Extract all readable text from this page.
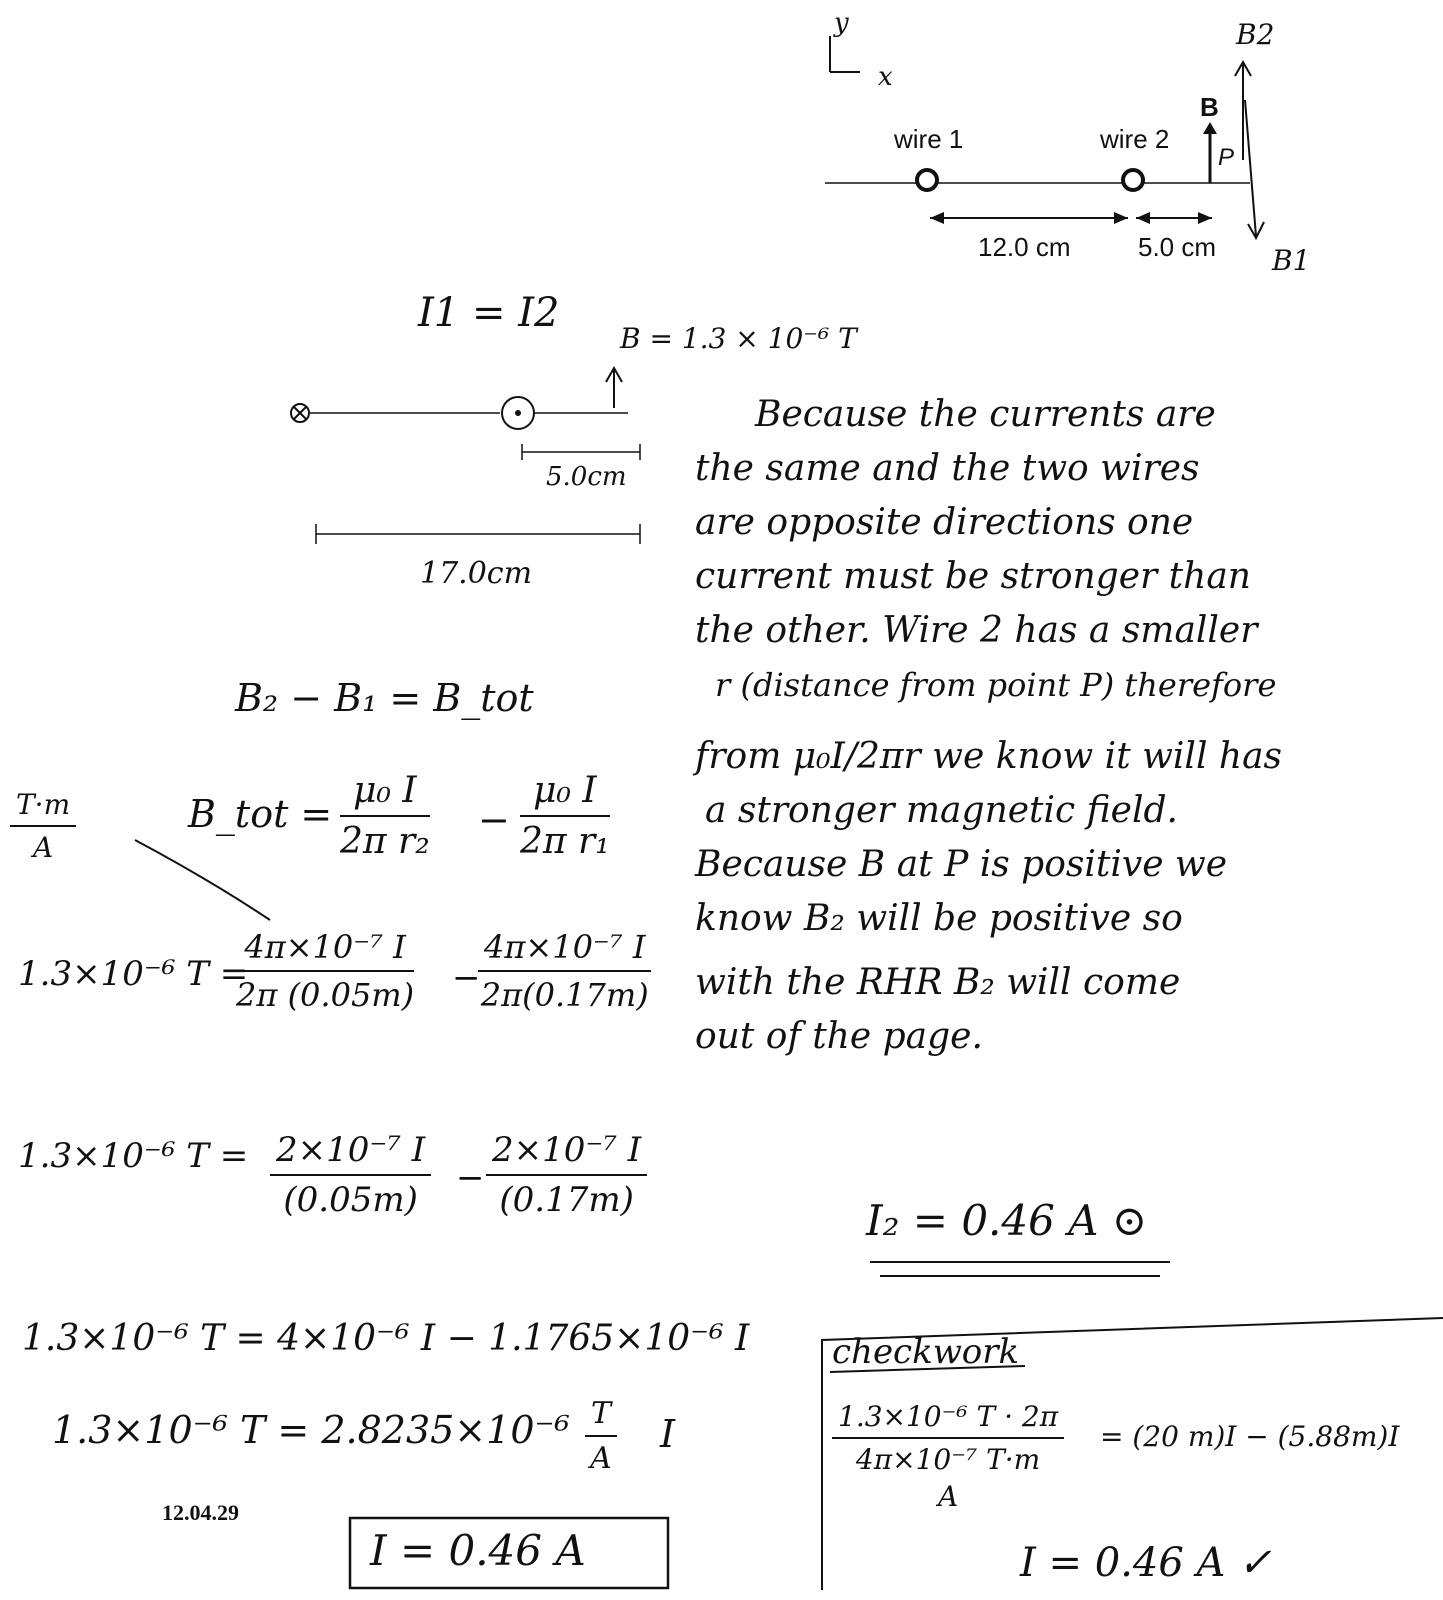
y
x
wire 1	wire 2
B
P
12.0 cm	5.0 cm
B2
B1
I1 = I2
B = 1.3 × 10⁻⁶ T
5.0cm
17.0cm
B₂ − B₁ = B_tot
$\frac{T\cdot m}{A}$	B_tot = $\frac{\text{μ₀ I}}{\text{2π r₂}} - \frac{\text{μ₀ I}}{\text{2π r₁}}$
1.3×10⁻⁶ T =
$\frac{\text{4π×10⁻⁷ I}}{2\pi (0.05m)}$ −
$\frac{\text{4π×10⁻⁷ I}}{2\pi(0.17m)}$
1.3×10⁻⁶ $T = \frac{\text{2×10⁻⁷ I}}{(0.05m)} - \frac{\text{2×10⁻⁷ I}}{(0.17m)}$
1.3×10⁻⁶ T = 4×10⁻⁶ I − 1.1765×10⁻⁶ I
1.3×10⁻⁶ $T = 2.8235\times 10^{-6} \frac{T}{A}$ I
12.04.29
I = 0.46 A
Because the currents are
the same and the two wires
are opposite directions one
current must be stronger than
the other. Wire 2 has a smaller
r (distance from point P) therefore
from μ₀I/2πr we know it will has
a stronger magnetic field.
Because B at P is positive we
know B₂ will be positive so
with the RHR B₂ will come
out of the page.
I₂ = 0.46 A ⊙
checkwork
1.3×10⁻⁶ T · 2π
4π×10⁻⁷ T·m
A
= (20 m)I − (5.88m)I
I = 0.46 A ✓
